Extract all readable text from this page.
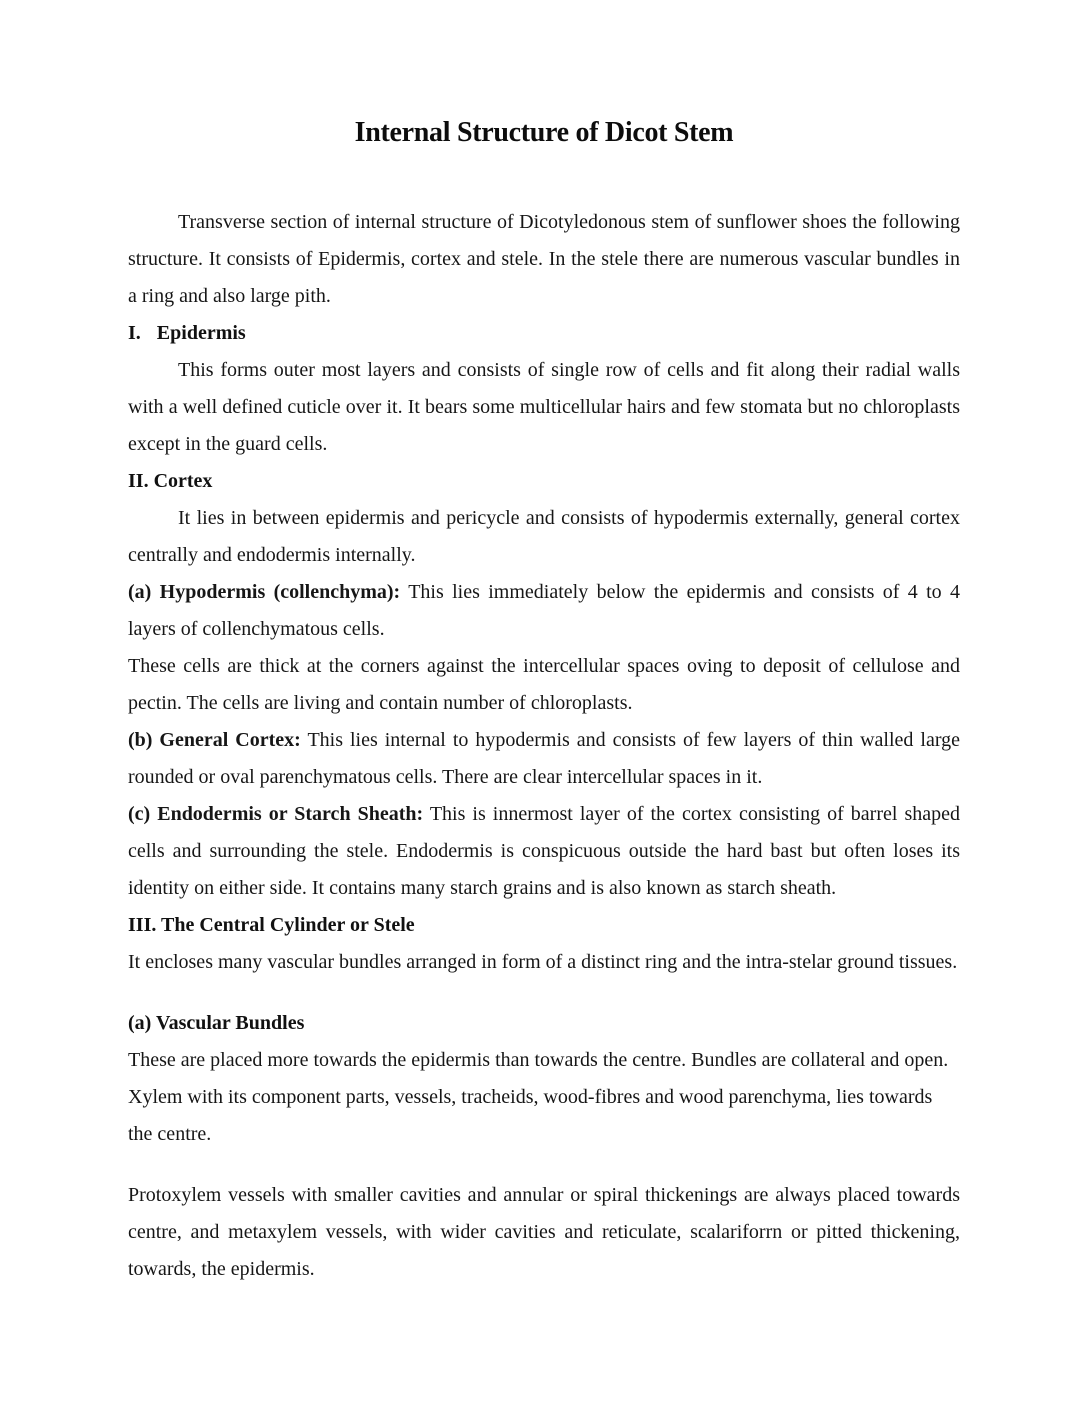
Internal Structure of Dicot Stem

Transverse section of internal structure of Dicotyledonous stem of sunflower shoes the following structure. It consists of Epidermis, cortex and stele. In the stele there are numerous vascular bundles in a ring and also large pith.

I. Epidermis

This forms outer most layers and consists of single row of cells and fit along their radial walls with a well defined cuticle over it. It bears some multicellular hairs and few stomata but no chloroplasts except in the guard cells.

II. Cortex

It lies in between epidermis and pericycle and consists of hypodermis externally, general cortex centrally and endodermis internally.

(a) Hypodermis (collenchyma): This lies immediately below the epidermis and consists of 4 to 4 layers of collenchymatous cells.

These cells are thick at the corners against the intercellular spaces oving to deposit of cellulose and pectin. The cells are living and contain number of chloroplasts.

(b) General Cortex: This lies internal to hypodermis and consists of few layers of thin walled large rounded or oval parenchymatous cells. There are clear intercellular spaces in it.

(c) Endodermis or Starch Sheath: This is innermost layer of the cortex consisting of barrel shaped cells and surrounding the stele. Endodermis is conspicuous outside the hard bast but often loses its identity on either side. It contains many starch grains and is also known as starch sheath.

III. The Central Cylinder or Stele

It encloses many vascular bundles arranged in form of a distinct ring and the intra-stelar ground tissues.

(a) Vascular Bundles

These are placed more towards the epidermis than towards the centre. Bundles are collateral and open. Xylem with its component parts, vessels, tracheids, wood-fibres and wood parenchyma, lies towards the centre.

Protoxylem vessels with smaller cavities and annular or spiral thickenings are always placed towards centre, and metaxylem vessels, with wider cavities and reticulate, scalariforrn or pitted thickening, towards, the epidermis.
